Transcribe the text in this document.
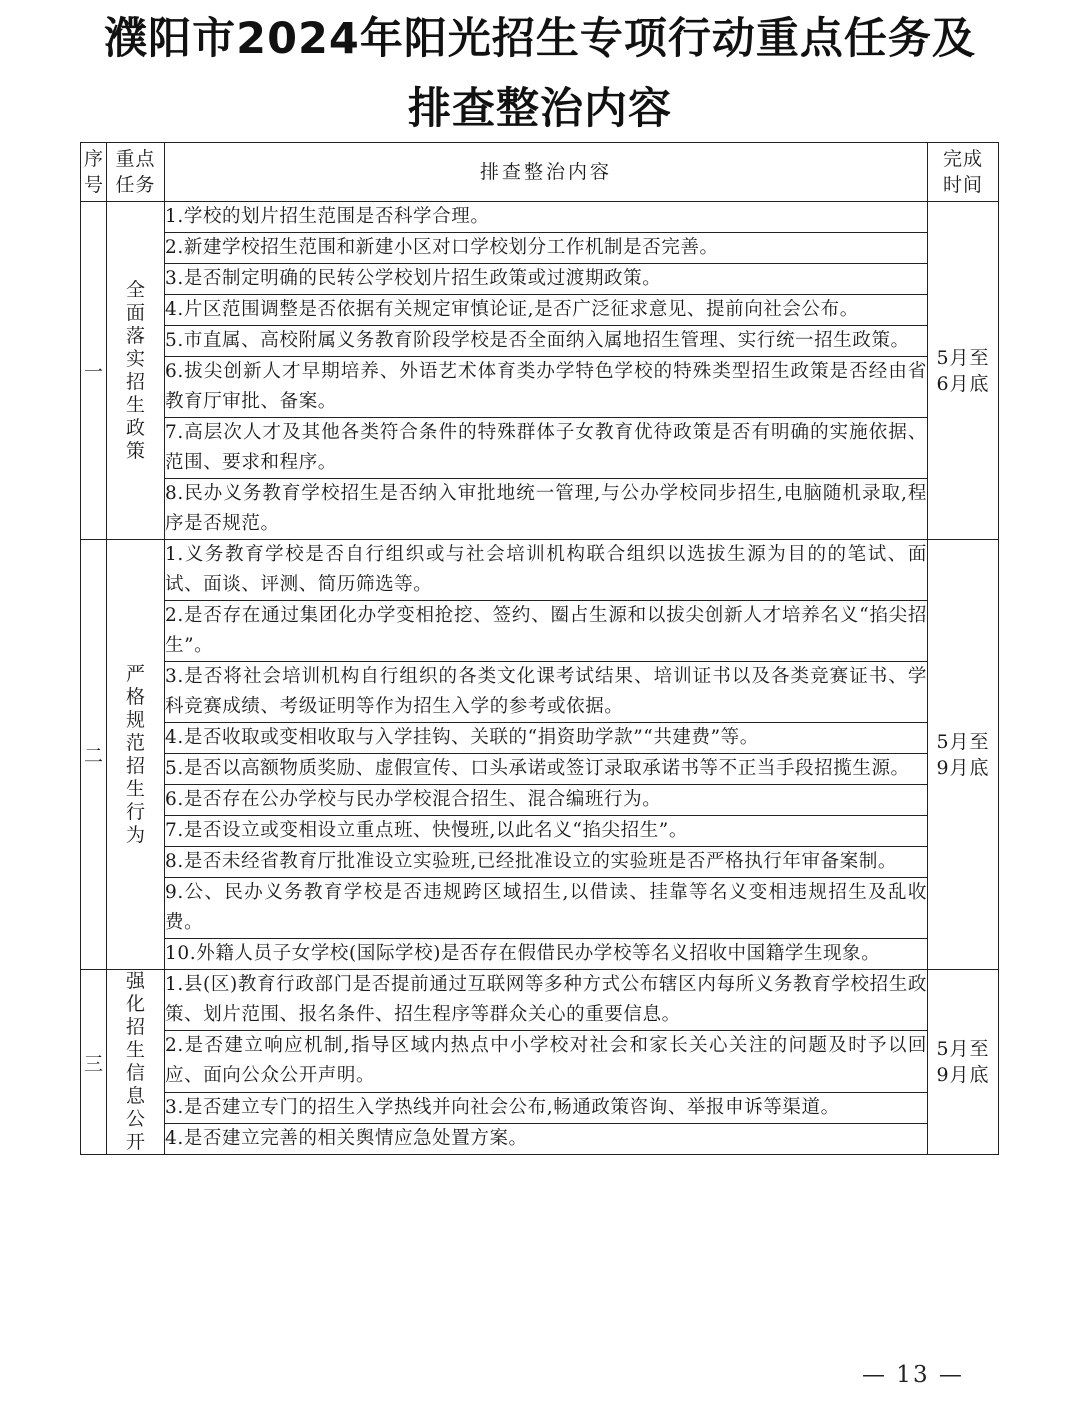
濮阳市2024年阳光招生专项行动重点任务及
排查整治内容
序号	重点任务	排查整治内容	完成时间
一	全面落实招生政策	1.学校的划片招生范围是否科学合理。	5月至6月底
		2.新建学校招生范围和新建小区对口学校划分工作机制是否完善。	
		3.是否制定明确的民转公学校划片招生政策或过渡期政策。	
		4.片区范围调整是否依据有关规定审慎论证,是否广泛征求意见、提前向社会公布。	
		5.市直属、高校附属义务教育阶段学校是否全面纳入属地招生管理、实行统一招生政策。	
		6.拔尖创新人才早期培养、外语艺术体育类办学特色学校的特殊类型招生政策是否经由省教育厅审批、备案。	
		7.高层次人才及其他各类符合条件的特殊群体子女教育优待政策是否有明确的实施依据、范围、要求和程序。	
		8.民办义务教育学校招生是否纳入审批地统一管理,与公办学校同步招生,电脑随机录取,程序是否规范。	
二	严格规范招生行为	1.义务教育学校是否自行组织或与社会培训机构联合组织以选拔生源为目的的笔试、面试、面谈、评测、简历筛选等。	5月至9月底
		2.是否存在通过集团化办学变相抢挖、签约、圈占生源和以拔尖创新人才培养名义“掐尖招生”。	
		3.是否将社会培训机构自行组织的各类文化课考试结果、培训证书以及各类竞赛证书、学科竞赛成绩、考级证明等作为招生入学的参考或依据。	
		4.是否收取或变相收取与入学挂钩、关联的“捐资助学款”“共建费”等。	
		5.是否以高额物质奖励、虚假宣传、口头承诺或签订录取承诺书等不正当手段招揽生源。	
		6.是否存在公办学校与民办学校混合招生、混合编班行为。	
		7.是否设立或变相设立重点班、快慢班,以此名义“掐尖招生”。	
		8.是否未经省教育厅批准设立实验班,已经批准设立的实验班是否严格执行年审备案制。	
		9.公、民办义务教育学校是否违规跨区域招生,以借读、挂靠等名义变相违规招生及乱收费。	
		10.外籍人员子女学校(国际学校)是否存在假借民办学校等名义招收中国籍学生现象。	
三	强化招生信息公开	1.县(区)教育行政部门是否提前通过互联网等多种方式公布辖区内每所义务教育学校招生政策、划片范围、报名条件、招生程序等群众关心的重要信息。	5月至9月底
		2.是否建立响应机制,指导区域内热点中小学校对社会和家长关心关注的问题及时予以回应、面向公众公开声明。	
		3.是否建立专门的招生入学热线并向社会公布,畅通政策咨询、举报申诉等渠道。	
		4.是否建立完善的相关舆情应急处置方案。	
— 13 —
